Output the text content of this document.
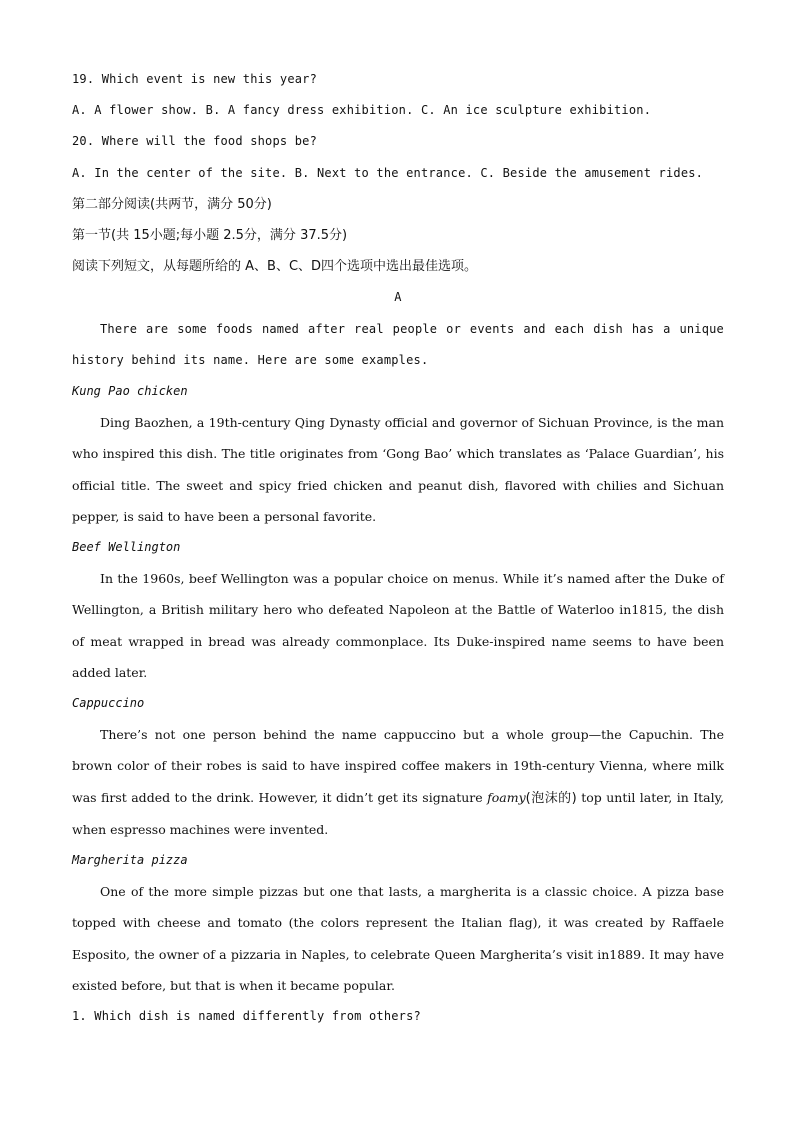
19. Which event is new this year?
A. A flower show. B. A fancy dress exhibition. C. An ice sculpture exhibition.
20. Where will the food shops be?
A. In the center of the site. B. Next to the entrance. C. Beside the amusement rides.
第二部分阅读(共两节，满分 50分)
第一节(共 15小题;每小题 2.5分，满分 37.5分)
阅读下列短文，从每题所给的 A、B、C、D四个选项中选出最佳选项。
A

There are some foods named after real people or events and each dish has a unique history behind its name. Here are some examples.

Kung Pao chicken

Ding Baozhen, a 19th-century Qing Dynasty official and governor of Sichuan Province, is the man who inspired this dish. The title originates from ‘Gong Bao’ which translates as ‘Palace Guardian’, his official title. The sweet and spicy fried chicken and peanut dish, flavored with chilies and Sichuan pepper, is said to have been a personal favorite.

Beef Wellington

In the 1960s, beef Wellington was a popular choice on menus. While it’s named after the Duke of Wellington, a British military hero who defeated Napoleon at the Battle of Waterloo in1815, the dish of meat wrapped in bread was already commonplace. Its Duke-inspired name seems to have been added later.

Cappuccino

There’s not one person behind the name cappuccino but a whole group—the Capuchin. The brown color of their robes is said to have inspired coffee makers in 19th-century Vienna, where milk was first added to the drink. However, it didn’t get its signature foamy(泡沫的) top until later, in Italy, when espresso machines were invented.

Margherita pizza

One of the more simple pizzas but one that lasts, a margherita is a classic choice. A pizza base topped with cheese and tomato (the colors represent the Italian flag), it was created by Raffaele Esposito, the owner of a pizzaria in Naples, to celebrate Queen Margherita’s visit in1889. It may have existed before, but that is when it became popular.

1. Which dish is named differently from others?
